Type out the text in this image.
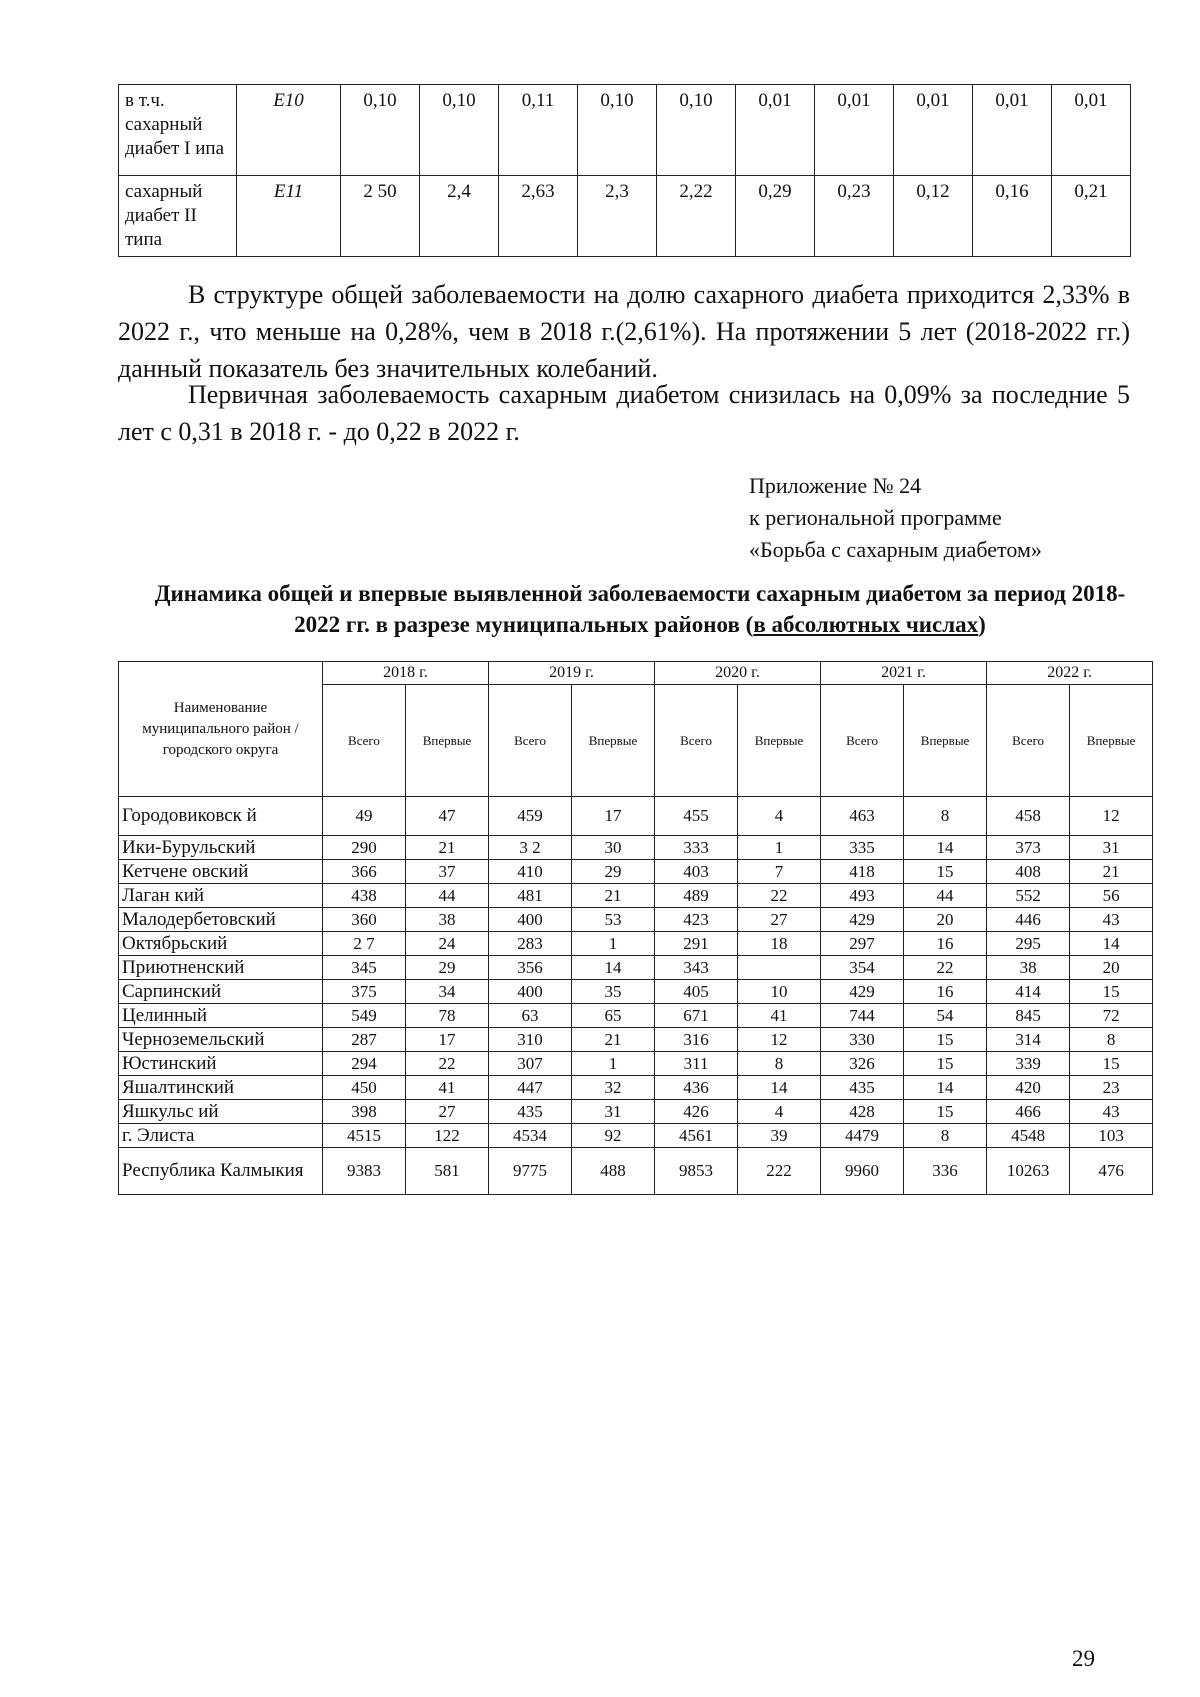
в т.ч. сахарный диабет I ипа	E10	0,10	0,10	0,11	0,10	0,10	0,01	0,01	0,01	0,01	0,01
сахарный диабет II типа	E11	2 50	2,4	2,63	2,3	2,22	0,29	0,23	0,12	0,16	0,21

В структуре общей заболеваемости на долю сахарного диабета приходится 2,33% в 2022 г., что меньше на 0,28%, чем в 2018 г.(2,61%). На протяжении 5 лет (2018-2022 гг.) данный показатель без значительных колебаний.

Первичная заболеваемость сахарным диабетом снизилась на 0,09% за последние 5 лет с 0,31 в 2018 г. - до 0,22 в 2022 г.

Приложение № 24
к региональной программе
«Борьба с сахарным диабетом»
Динамика общей и впервые выявленной заболеваемости сахарным диабетом за период 2018-2022 гг. в разрезе муниципальных районов (в абсолютных числах)
Наименование муниципального район / городского округа	2018 г.		2019 г.		2020 г.		2021 г.		2022 г.	
	Всего	Впервые	Всего	Впервые	Всего	Впервые	Всего	Впервые	Всего	Впервые
Городовиковск й	49	47	459	17	455	4	463	8	458	12
Ики-Бурульский	290	21	3 2	30	333	1	335	14	373	31
Кетчене овский	366	37	410	29	403	7	418	15	408	21
Лаган кий	438	44	481	21	489	22	493	44	552	56
Малодербетовский	360	38	400	53	423	27	429	20	446	43
Октябрьский	2 7	24	283	1	291	18	297	16	295	14
Приютненский	345	29	356	14	343		354	22	38	20
Сарпинский	375	34	400	35	405	10	429	16	414	15
Целинный	549	78	63	65	671	41	744	54	845	72
Черноземельский	287	17	310	21	316	12	330	15	314	8
Юстинский	294	22	307	1	311	8	326	15	339	15
Яшалтинский	450	41	447	32	436	14	435	14	420	23
Яшкульс ий	398	27	435	31	426	4	428	15	466	43
г. Элиста	4515	122	4534	92	4561	39	4479	8	4548	103
Республика Калмыкия	9383	581	9775	488	9853	222	9960	336	10263	476
29
